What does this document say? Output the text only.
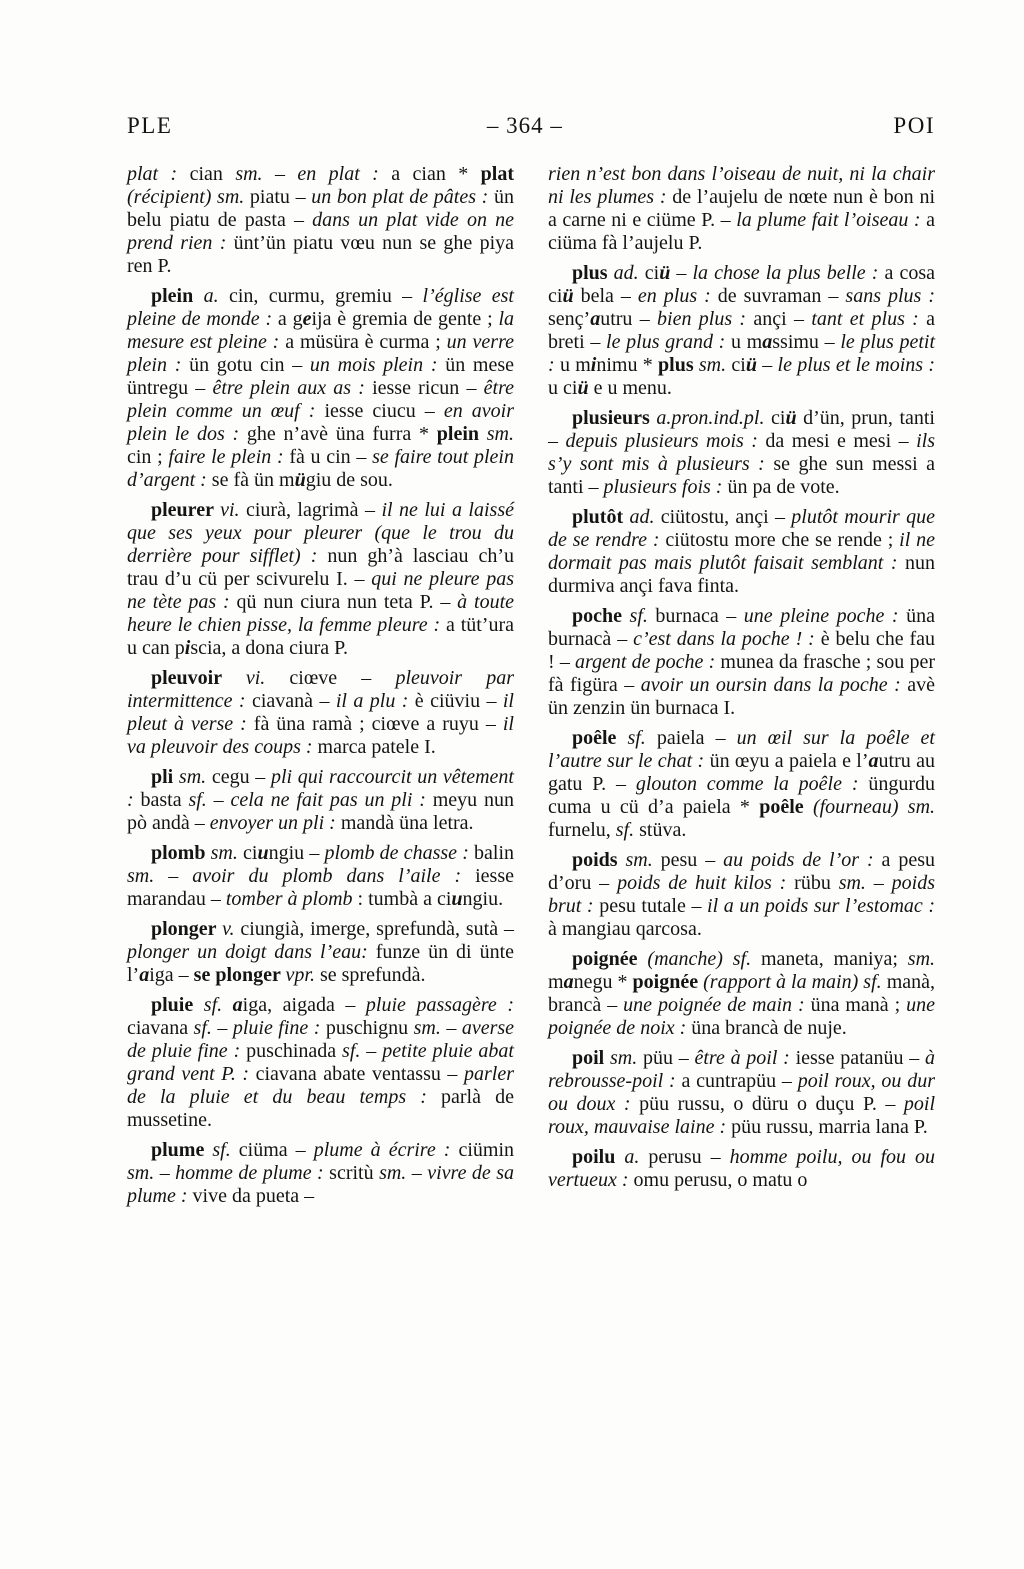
PLE	– 364 –	POI

plat : cian sm. – en plat : a cian * plat (récipient) sm. piatu – un bon plat de pâtes : ün belu piatu de pasta – dans un plat vide on ne prend rien : ünt’ün piatu vœu nun se ghe piya ren P.

plein a. cin, curmu, gremiu – l’église est pleine de monde : a geija è gremia de gente ; la mesure est pleine : a müsüra è curma ; un verre plein : ün gotu cin – un mois plein : ün mese üntregu – être plein aux as : iesse ricun – être plein comme un œuf : iesse ciucu – en avoir plein le dos : ghe n’avè üna furra * plein sm. cin ; faire le plein : fà u cin – se faire tout plein d’argent : se fà ün mügiu de sou.

pleurer vi. ciurà, lagrimà – il ne lui a laissé que ses yeux pour pleurer (que le trou du derrière pour sifflet) : nun gh’à lasciau ch’u trau d’u cü per scivurelu I. – qui ne pleure pas ne tète pas : qü nun ciura nun teta P. – à toute heure le chien pisse, la femme pleure : a tüt’ura u can piscia, a dona ciura P.

pleuvoir vi. ciœve – pleuvoir par intermittence : ciavanà – il a plu : è ciüviu – il pleut à verse : fà üna ramà ; ciœve a ruyu – il va pleuvoir des coups : marca patele I.

pli sm. cegu – pli qui raccourcit un vêtement : basta sf. – cela ne fait pas un pli : meyu nun pò andà – envoyer un pli : mandà üna letra.

plomb sm. ciungiu – plomb de chasse : balin sm. – avoir du plomb dans l’aile : iesse marandau – tomber à plomb : tumbà a ciungiu.

plonger v. ciungià, imerge, sprefundà, sutà – plonger un doigt dans l’eau: funze ün di ünte l’aiga – se plonger vpr. se sprefundà.

pluie sf. aiga, aigada – pluie passagère : ciavana sf. – pluie fine : puschignu sm. – averse de pluie fine : puschinada sf. – petite pluie abat grand vent P. : ciavana abate ventassu – parler de la pluie et du beau temps : parlà de mussetine.

plume sf. ciüma – plume à écrire : ciümin sm. – homme de plume : scritù sm. – vivre de sa plume : vive da pueta –

rien n’est bon dans l’oiseau de nuit, ni la chair ni les plumes : de l’aujelu de nœte nun è bon ni a carne ni e ciüme P. – la plume fait l’oiseau : a ciüma fà l’aujelu P.

plus ad. ciü – la chose la plus belle : a cosa ciü bela – en plus : de suvraman – sans plus : senç’autru – bien plus : ançi – tant et plus : a breti – le plus grand : u massimu – le plus petit : u minimu * plus sm. ciü – le plus et le moins : u ciü e u menu.

plusieurs a.pron.ind.pl. ciü d’ün, prun, tanti – depuis plusieurs mois : da mesi e mesi – ils s’y sont mis à plusieurs : se ghe sun messi a tanti – plusieurs fois : ün pa de vote.

plutôt ad. ciütostu, ançi – plutôt mourir que de se rendre : ciütostu more che se rende ; il ne dormait pas mais plutôt faisait semblant : nun durmiva ançi fava finta.

poche sf. burnaca – une pleine poche : üna burnacà – c’est dans la poche ! : è belu che fau ! – argent de poche : munea da frasche ; sou per fà figüra – avoir un oursin dans la poche : avè ün zenzin ün burnaca I.

poêle sf. paiela – un œil sur la poêle et l’autre sur le chat : ün œyu a paiela e l’autru au gatu P. – glouton comme la poêle : üngurdu cuma u cü d’a paiela * poêle (fourneau) sm. furnelu, sf. stüva.

poids sm. pesu – au poids de l’or : a pesu d’oru – poids de huit kilos : rübu sm. – poids brut : pesu tutale – il a un poids sur l’estomac : à mangiau qarcosa.

poignée (manche) sf. maneta, maniya; sm. manegu * poignée (rapport à la main) sf. manà, brancà – une poignée de main : üna manà ; une poignée de noix : üna brancà de nuje.

poil sm. püu – être à poil : iesse patanüu – à rebrousse-poil : a cuntrapüu – poil roux, ou dur ou doux : püu russu, o düru o duçu P. – poil roux, mauvaise laine : püu russu, marria lana P.

poilu a. perusu – homme poilu, ou fou ou vertueux : omu perusu, o matu o
